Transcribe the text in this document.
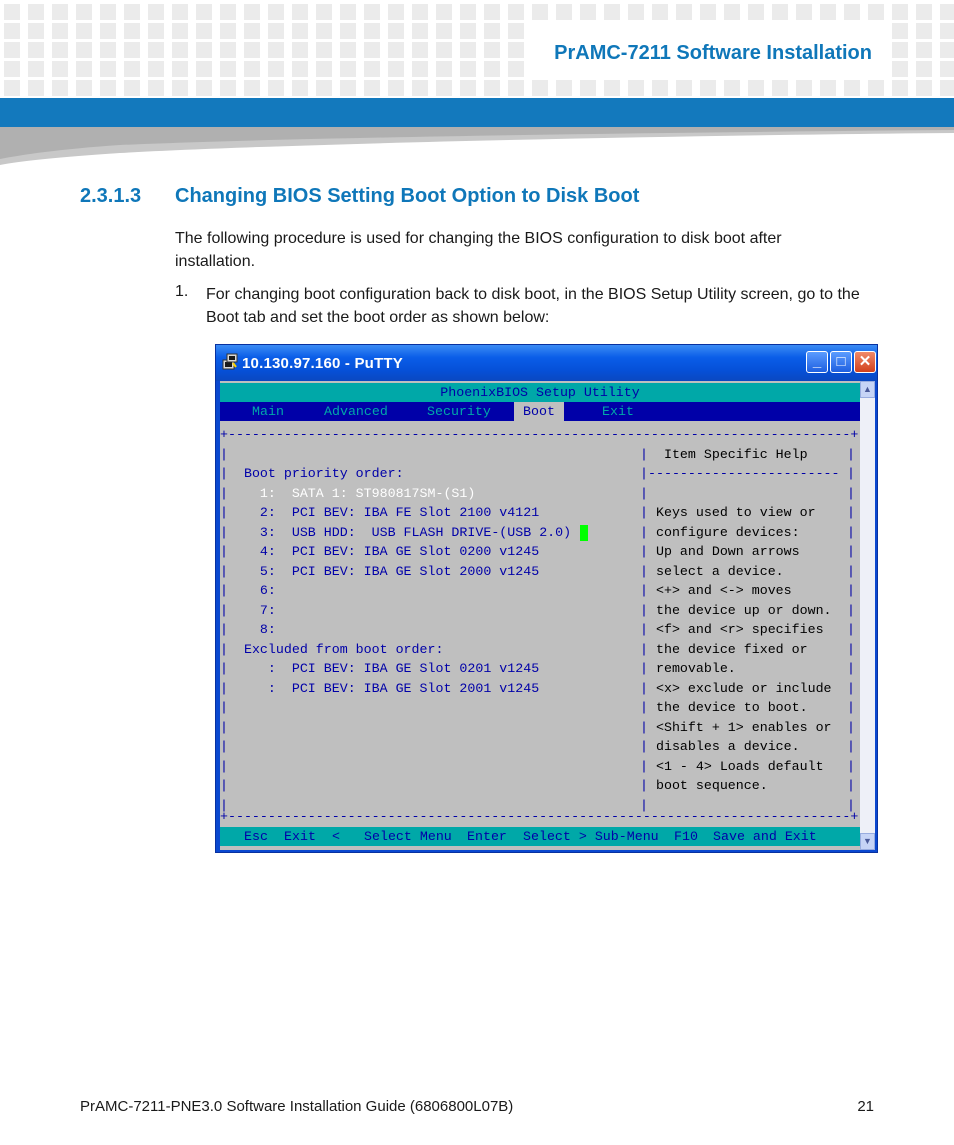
PrAMC-7211 Software Installation
2.3.1.3 Changing BIOS Setting Boot Option to Disk Boot
The following procedure is used for changing the BIOS configuration to disk boot after installation.
1. For changing boot configuration back to disk boot, in the BIOS Setup Utility screen, go to the Boot tab and set the boot order as shown below:
10.130.97.160 - PuTTY	_	□ ✕
PhoenixBIOS Setup Utility

Main

	Advanced

	Security

	Boot

	Exit

+------------------------------------------------------------------------------+
|	| Item Specific Help	|
| Boot priority order:	| ------------------------ |
| 1:  SATA 1: ST980817SM-(S1)	|	|
| 2:  PCI BEV: IBA FE Slot 2100 v4121	| Keys used to view or |
| 3:  USB HDD:  USB FLASH DRIVE-(USB 2.0)	| configure devices:	|
| 4:  PCI BEV: IBA GE Slot 0200 v1245	| Up and Down arrows	|
| 5:  PCI BEV: IBA GE Slot 2000 v1245	| select a device.	|
| 6:	| <+> and <-> moves	|
| 7:	| the device up or down. |
| 8:	| <f> and <r> specifies |
| Excluded from boot order:	| the device fixed or	|
| :  PCI BEV: IBA GE Slot 0201 v1245	| removable.	|
| :  PCI BEV: IBA GE Slot 2001 v1245	| <x> exclude or include |
|	| the device to boot.	|
|	| <Shift + 1> enables or |
|	| disables a device.	|
|	| <1 - 4> Loads default |
|	| boot sequence.	|
|	|	|
+------------------------------------------------------------------------------+

Esc

Exit

<

Select Menu

Enter

Select > Sub-Menu

F10

Save and Exit

▲
▼
PrAMC-7211-PNE3.0 Software Installation Guide (6806800L07B)	21
